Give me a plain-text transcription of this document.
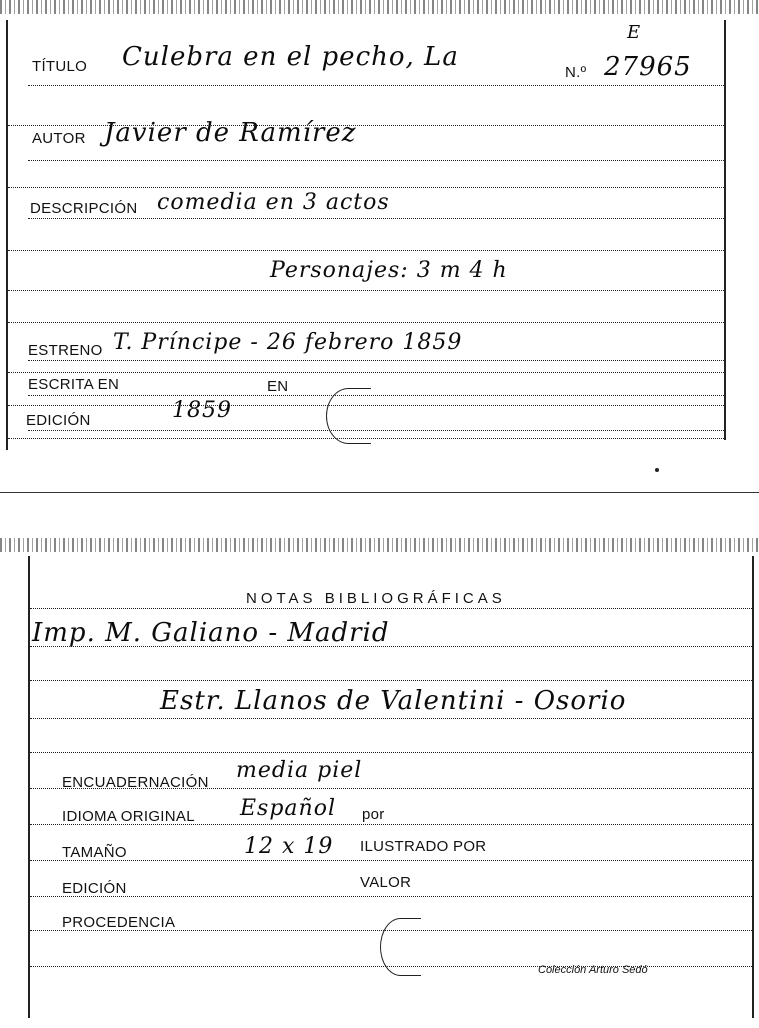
TÍTULO Culebra en el pecho, La
N.º
E
27965
AUTOR Javier de Ramírez
DESCRIPCIÓN comedia en 3 actos
Personajes: 3 m 4 h
ESTRENO T. Príncipe - 26 febrero 1859
ESCRITA EN	EN
EDICIÓN	1859
NOTAS BIBLIOGRÁFICAS
Imp. M. Galiano - Madrid
Estr. Llanos de Valentini - Osorio
ENCUADERNACIÓN media piel
IDIOMA ORIGINAL Español por
TAMAÑO	12 x 19 ILUSTRADO POR
EDICIÓN	VALOR
PROCEDENCIA
Colección Arturo Sedó
